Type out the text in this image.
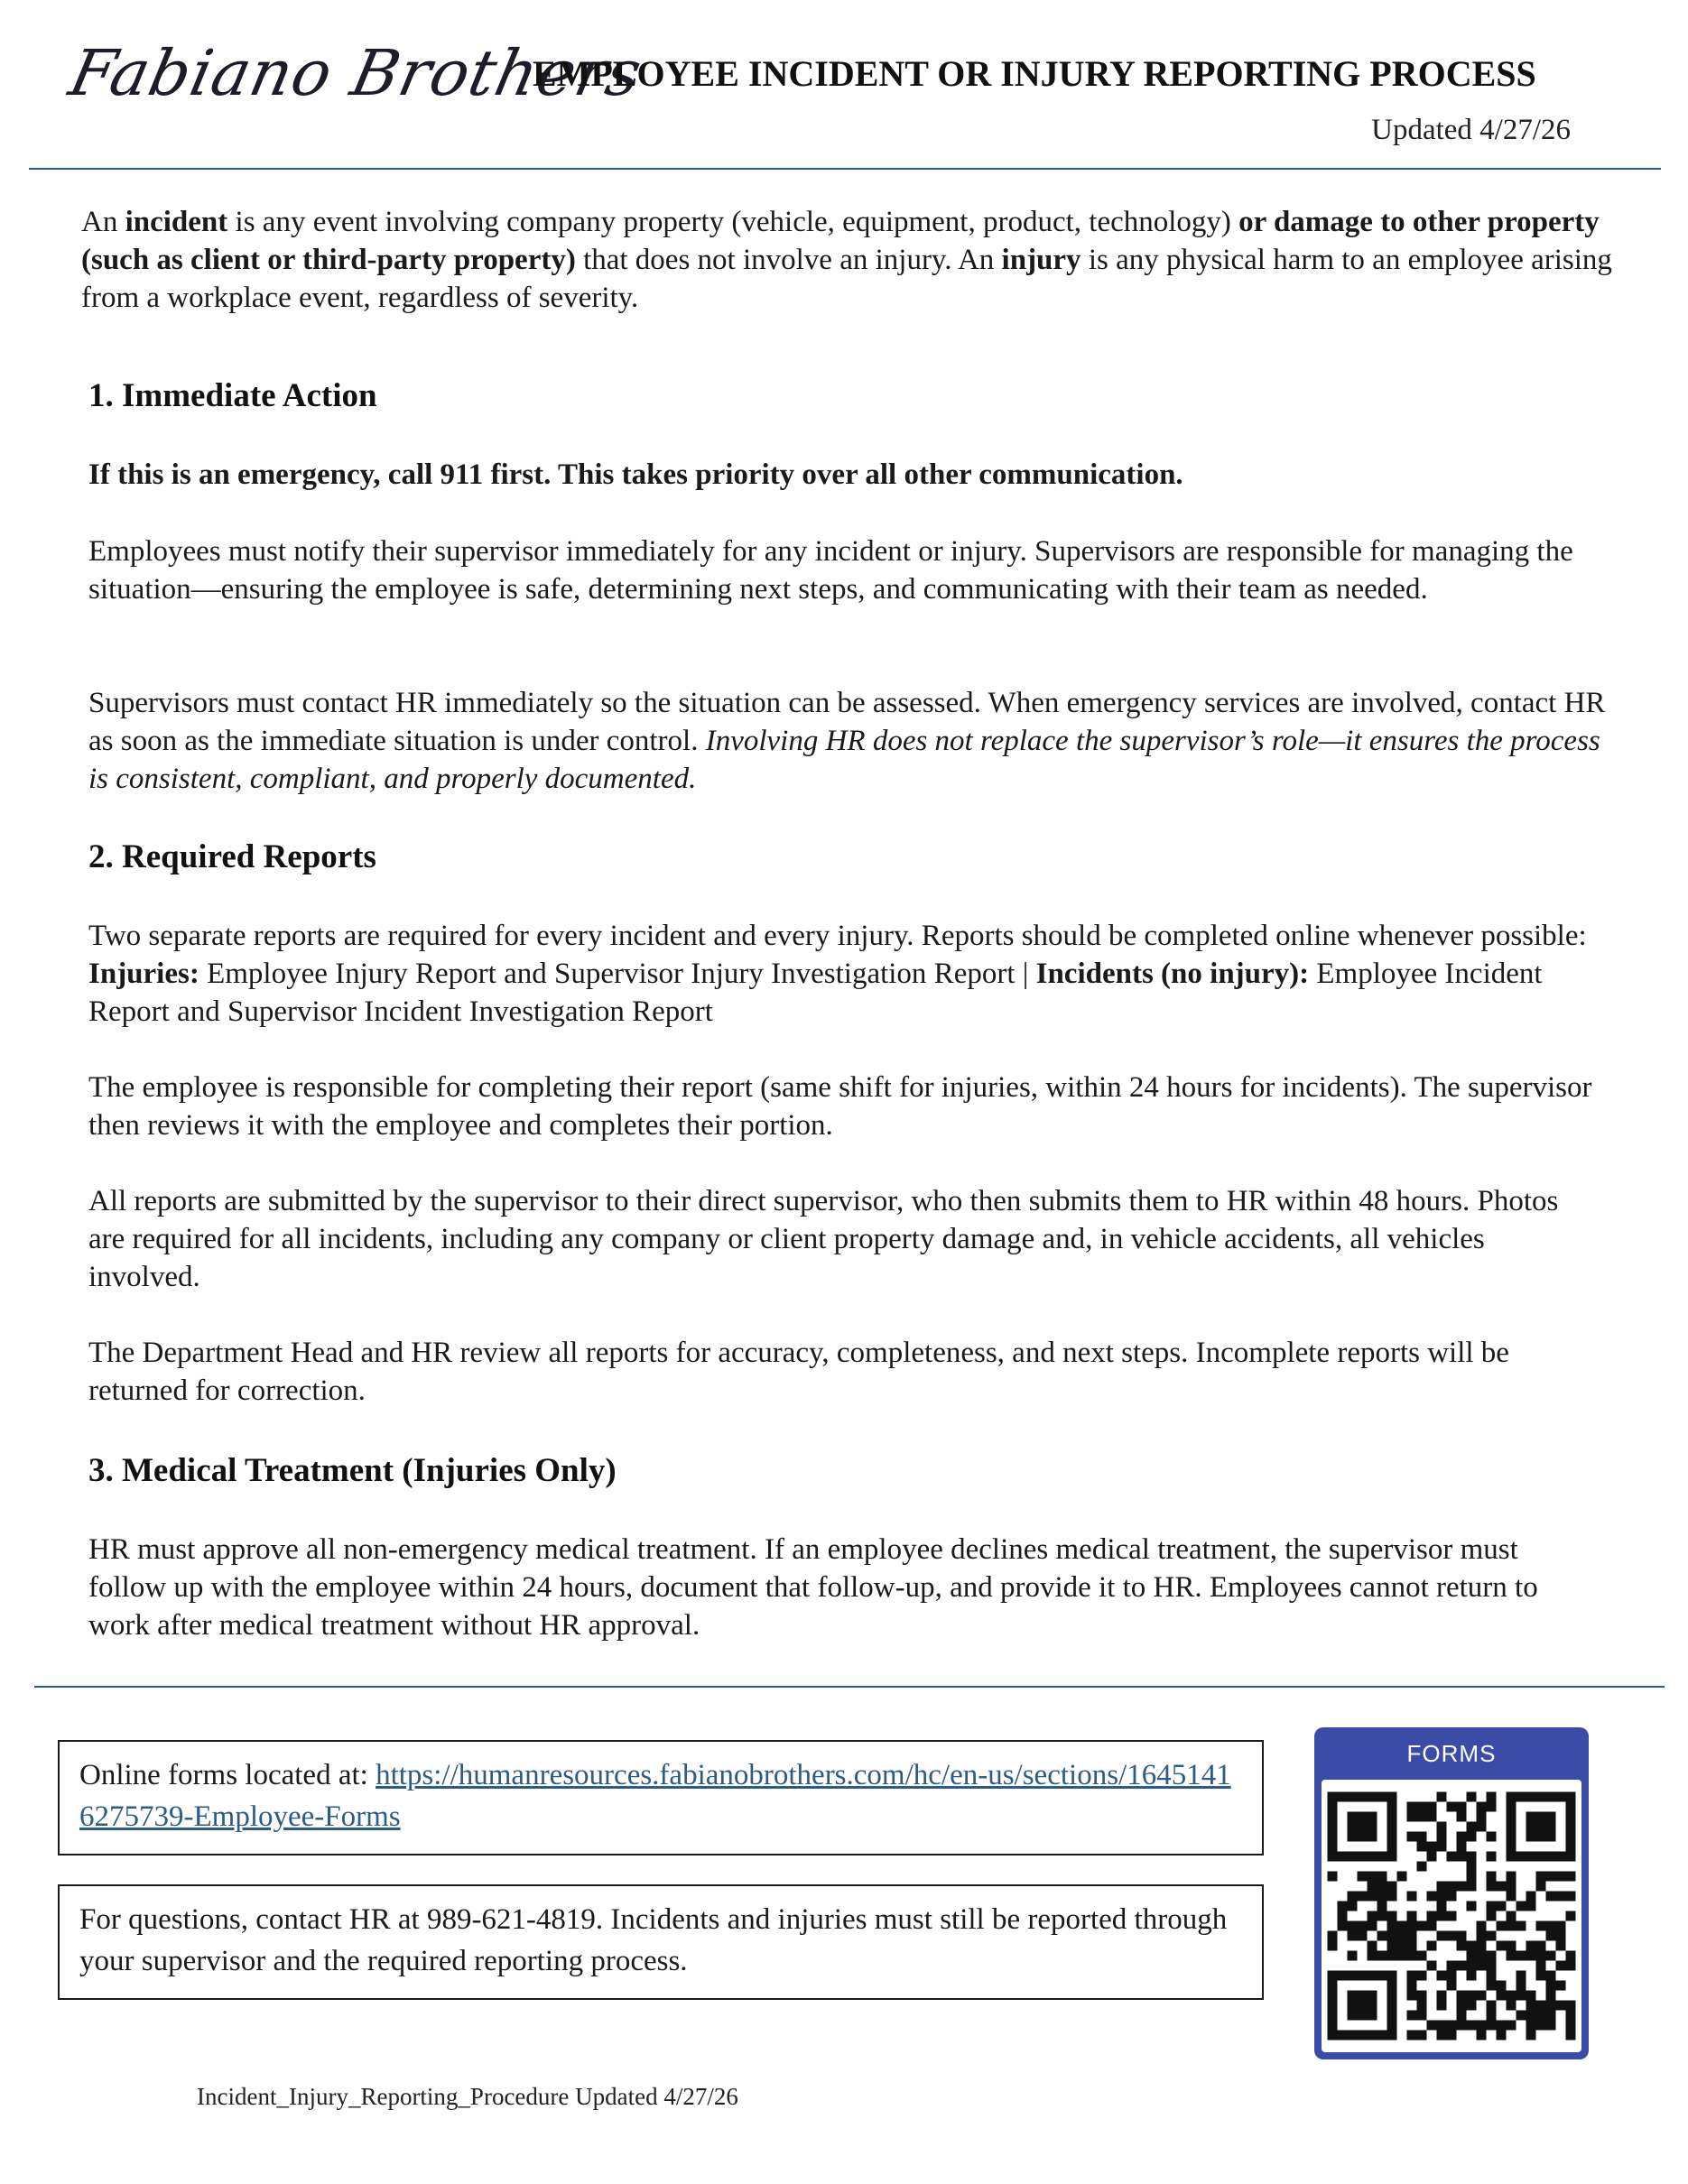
Fabiano Brothers
EMPLOYEE INCIDENT OR INJURY REPORTING PROCESS
Updated 4/27/26
An incident is any event involving company property (vehicle, equipment, product, technology) or damage to other property (such as client or third-party property) that does not involve an injury. An injury is any physical harm to an employee arising from a workplace event, regardless of severity.
1. Immediate Action
If this is an emergency, call 911 first. This takes priority over all other communication.
Employees must notify their supervisor immediately for any incident or injury. Supervisors are responsible for managing the situation—ensuring the employee is safe, determining next steps, and communicating with their team as needed.
Supervisors must contact HR immediately so the situation can be assessed. When emergency services are involved, contact HR as soon as the immediate situation is under control. Involving HR does not replace the supervisor’s role—it ensures the process is consistent, compliant, and properly documented.
2. Required Reports
Two separate reports are required for every incident and every injury. Reports should be completed online whenever possible: Injuries: Employee Injury Report and Supervisor Injury Investigation Report | Incidents (no injury): Employee Incident Report and Supervisor Incident Investigation Report
The employee is responsible for completing their report (same shift for injuries, within 24 hours for incidents). The supervisor then reviews it with the employee and completes their portion.
All reports are submitted by the supervisor to their direct supervisor, who then submits them to HR within 48 hours. Photos are required for all incidents, including any company or client property damage and, in vehicle accidents, all vehicles involved.
The Department Head and HR review all reports for accuracy, completeness, and next steps. Incomplete reports will be returned for correction.
3. Medical Treatment (Injuries Only)
HR must approve all non-emergency medical treatment. If an employee declines medical treatment, the supervisor must follow up with the employee within 24 hours, document that follow-up, and provide it to HR. Employees cannot return to work after medical treatment without HR approval.
Online forms located at: https://humanresources.fabianobrothers.com/hc/en-us/sections/16451416275739-Employee-Forms
For questions, contact HR at 989-621-4819. Incidents and injuries must still be reported through your supervisor and the required reporting process.
FORMS
Incident_Injury_Reporting_Procedure Updated 4/27/26
